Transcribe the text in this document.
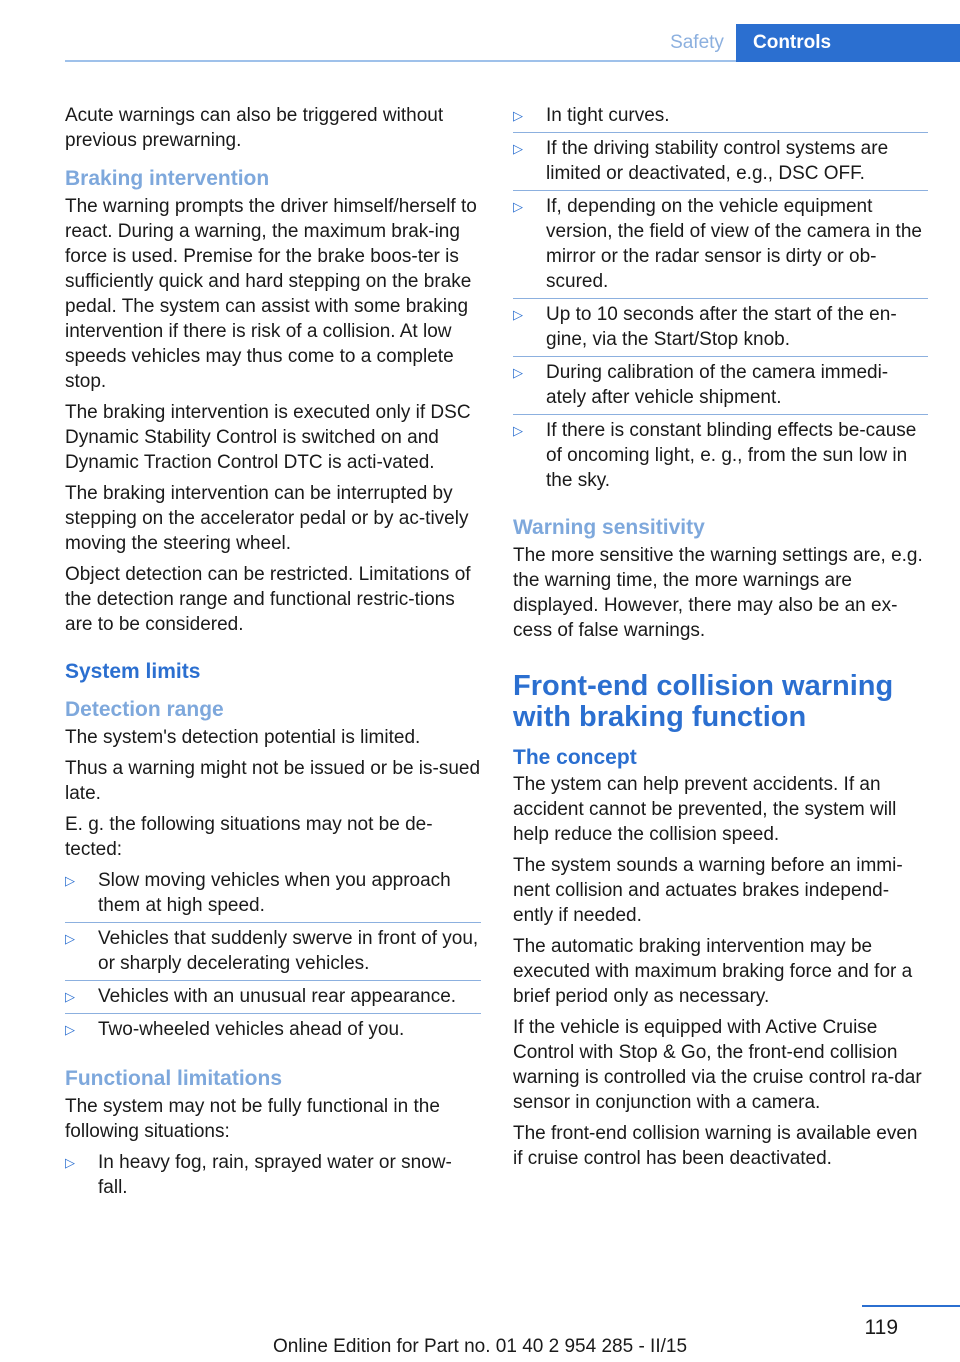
Safety	Controls

Acute warnings can also be triggered without previous prewarning.

Braking intervention

The warning prompts the driver himself/herself to react. During a warning, the maximum brak-ing force is used. Premise for the brake boos-ter is sufficiently quick and hard stepping on the brake pedal. The system can assist with some braking intervention if there is risk of a collision. At low speeds vehicles may thus come to a complete stop.

The braking intervention is executed only if DSC Dynamic Stability Control is switched on and Dynamic Traction Control DTC is acti-vated.

The braking intervention can be interrupted by stepping on the accelerator pedal or by ac-tively moving the steering wheel.

Object detection can be restricted. Limitations of the detection range and functional restric-tions are to be considered.

System limits
Detection range

The system's detection potential is limited.

Thus a warning might not be issued or be is-sued late.

E. g. the following situations may not be de-tected:

▷ Slow moving vehicles when you approach them at high speed.
▷ Vehicles that suddenly swerve in front of you, or sharply decelerating vehicles.
▷ Vehicles with an unusual rear appearance.
▷ Two-wheeled vehicles ahead of you.
Functional limitations

The system may not be fully functional in the following situations:

▷ In heavy fog, rain, sprayed water or snow-fall.
▷ In tight curves.
▷ If the driving stability control systems are limited or deactivated, e.g., DSC OFF.
▷ If, depending on the vehicle equipment version, the field of view of the camera in the mirror or the radar sensor is dirty or ob-scured.
▷ Up to 10 seconds after the start of the en-gine, via the Start/Stop knob.
▷ During calibration of the camera immedi-ately after vehicle shipment.
▷ If there is constant blinding effects be-cause of oncoming light, e. g., from the sun low in the sky.
Warning sensitivity

The more sensitive the warning settings are, e.g. the warning time, the more warnings are displayed. However, there may also be an ex-cess of false warnings.

Front-end collision warning with braking function
The concept

The ystem can help prevent accidents. If an accident cannot be prevented, the system will help reduce the collision speed.

The system sounds a warning before an immi-nent collision and actuates brakes independ-ently if needed.

The automatic braking intervention may be executed with maximum braking force and for a brief period only as necessary.

If the vehicle is equipped with Active Cruise Control with Stop & Go, the front-end collision warning is controlled via the cruise control ra-dar sensor in conjunction with a camera.

The front-end collision warning is available even if cruise control has been deactivated.

119
Online Edition for Part no. 01 40 2 954 285 - II/15
